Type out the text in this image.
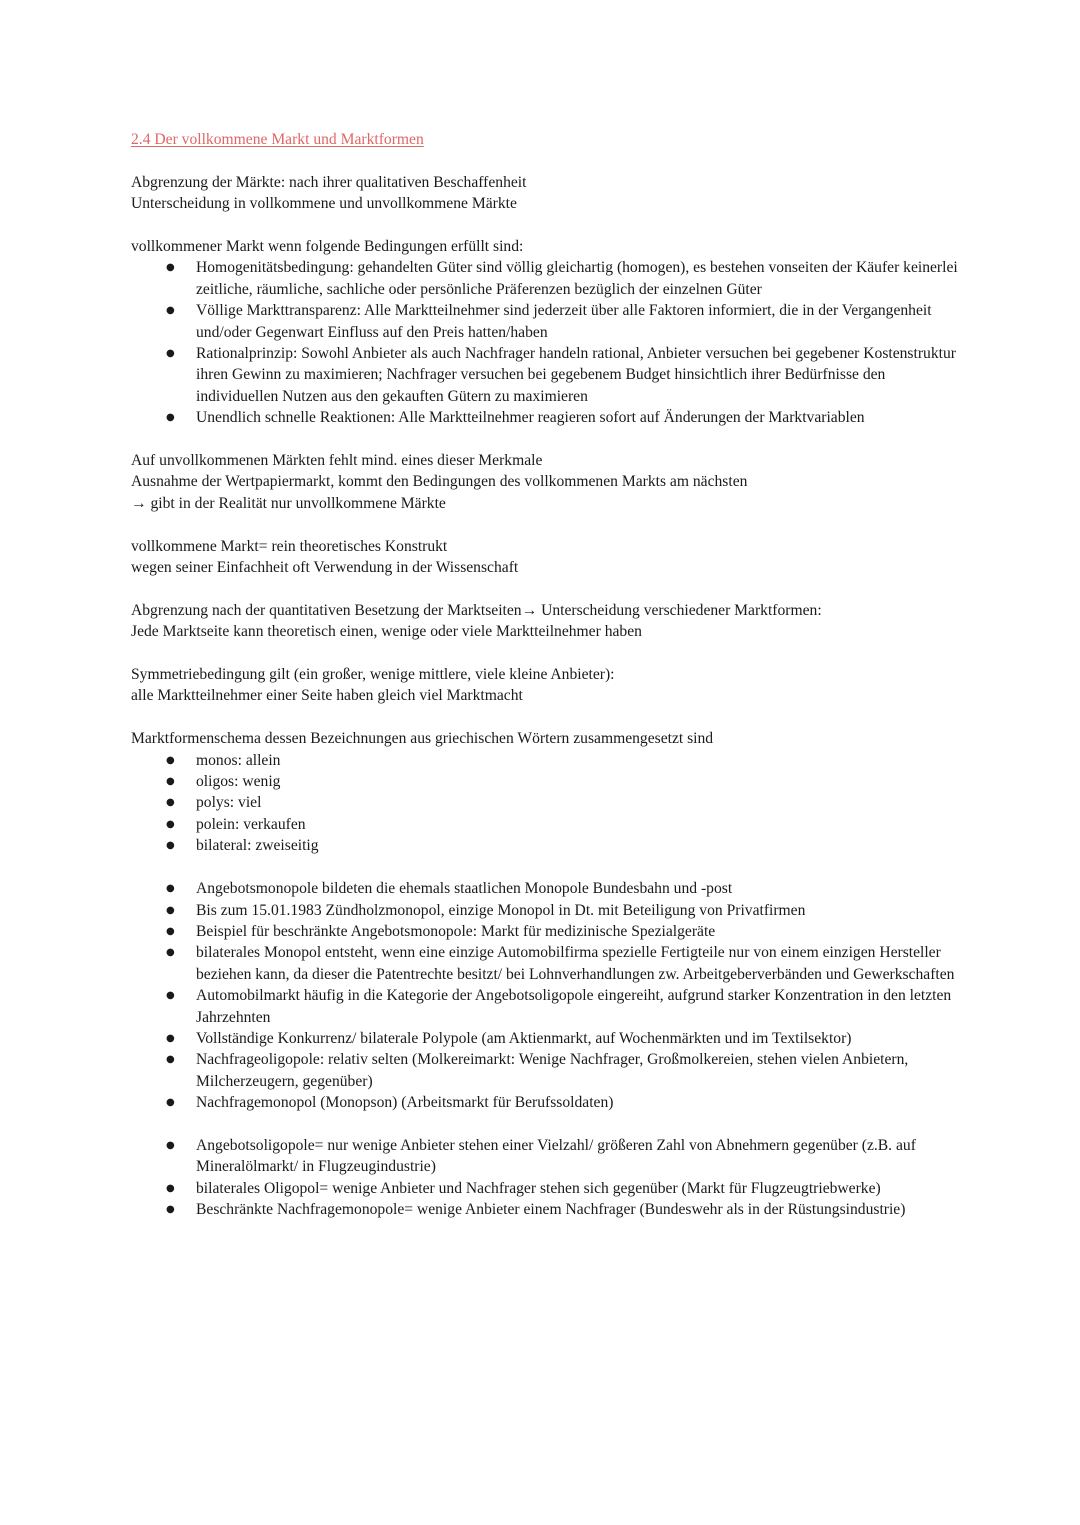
2.4 Der vollkommene Markt und Marktformen

Abgrenzung der Märkte: nach ihrer qualitativen Beschaffenheit

Unterscheidung in vollkommene und unvollkommene Märkte

vollkommener Markt wenn folgende Bedingungen erfüllt sind:

● Homogenitätsbedingung: gehandelten Güter sind völlig gleichartig (homogen), es bestehen vonseiten der Käufer keinerlei zeitliche, räumliche, sachliche oder persönliche Präferenzen bezüglich der einzelnen Güter
● Völlige Markttransparenz: Alle Marktteilnehmer sind jederzeit über alle Faktoren informiert, die in der Vergangenheit und/oder Gegenwart Einfluss auf den Preis hatten/haben
● Rationalprinzip: Sowohl Anbieter als auch Nachfrager handeln rational, Anbieter versuchen bei gegebener Kostenstruktur ihren Gewinn zu maximieren; Nachfrager versuchen bei gegebenem Budget hinsichtlich ihrer Bedürfnisse den individuellen Nutzen aus den gekauften Gütern zu maximieren
● Unendlich schnelle Reaktionen: Alle Marktteilnehmer reagieren sofort auf Änderungen der Marktvariablen

Auf unvollkommenen Märkten fehlt mind. eines dieser Merkmale

Ausnahme der Wertpapiermarkt, kommt den Bedingungen des vollkommenen Markts am nächsten

→ gibt in der Realität nur unvollkommene Märkte

vollkommene Markt= rein theoretisches Konstrukt

wegen seiner Einfachheit oft Verwendung in der Wissenschaft

Abgrenzung nach der quantitativen Besetzung der Marktseiten→ Unterscheidung verschiedener Marktformen:

Jede Marktseite kann theoretisch einen, wenige oder viele Marktteilnehmer haben

Symmetriebedingung gilt (ein großer, wenige mittlere, viele kleine Anbieter):

alle Marktteilnehmer einer Seite haben gleich viel Marktmacht

Marktformenschema dessen Bezeichnungen aus griechischen Wörtern zusammengesetzt sind

● monos: allein
● oligos: wenig
● polys: viel
● polein: verkaufen
● bilateral: zweiseitig
● Angebotsmonopole bildeten die ehemals staatlichen Monopole Bundesbahn und -post
● Bis zum 15.01.1983 Zündholzmonopol, einzige Monopol in Dt. mit Beteiligung von Privatfirmen
● Beispiel für beschränkte Angebotsmonopole: Markt für medizinische Spezialgeräte
● bilaterales Monopol entsteht, wenn eine einzige Automobilfirma spezielle Fertigteile nur von einem einzigen Hersteller beziehen kann, da dieser die Patentrechte besitzt/ bei Lohnverhandlungen zw. Arbeitgeberverbänden und Gewerkschaften
● Automobilmarkt häufig in die Kategorie der Angebotsoligopole eingereiht, aufgrund starker Konzentration in den letzten Jahrzehnten
● Vollständige Konkurrenz/ bilaterale Polypole (am Aktienmarkt, auf Wochenmärkten und im Textilsektor)
● Nachfrageoligopole: relativ selten (Molkereimarkt: Wenige Nachfrager, Großmolkereien, stehen vielen Anbietern, Milcherzeugern, gegenüber)
● Nachfragemonopol (Monopson) (Arbeitsmarkt für Berufssoldaten)
● Angebotsoligopole= nur wenige Anbieter stehen einer Vielzahl/ größeren Zahl von Abnehmern gegenüber (z.B. auf Mineralölmarkt/ in Flugzeugindustrie)
● bilaterales Oligopol= wenige Anbieter und Nachfrager stehen sich gegenüber (Markt für Flugzeugtriebwerke)
● Beschränkte Nachfragemonopole= wenige Anbieter einem Nachfrager (Bundeswehr als in der Rüstungsindustrie)
